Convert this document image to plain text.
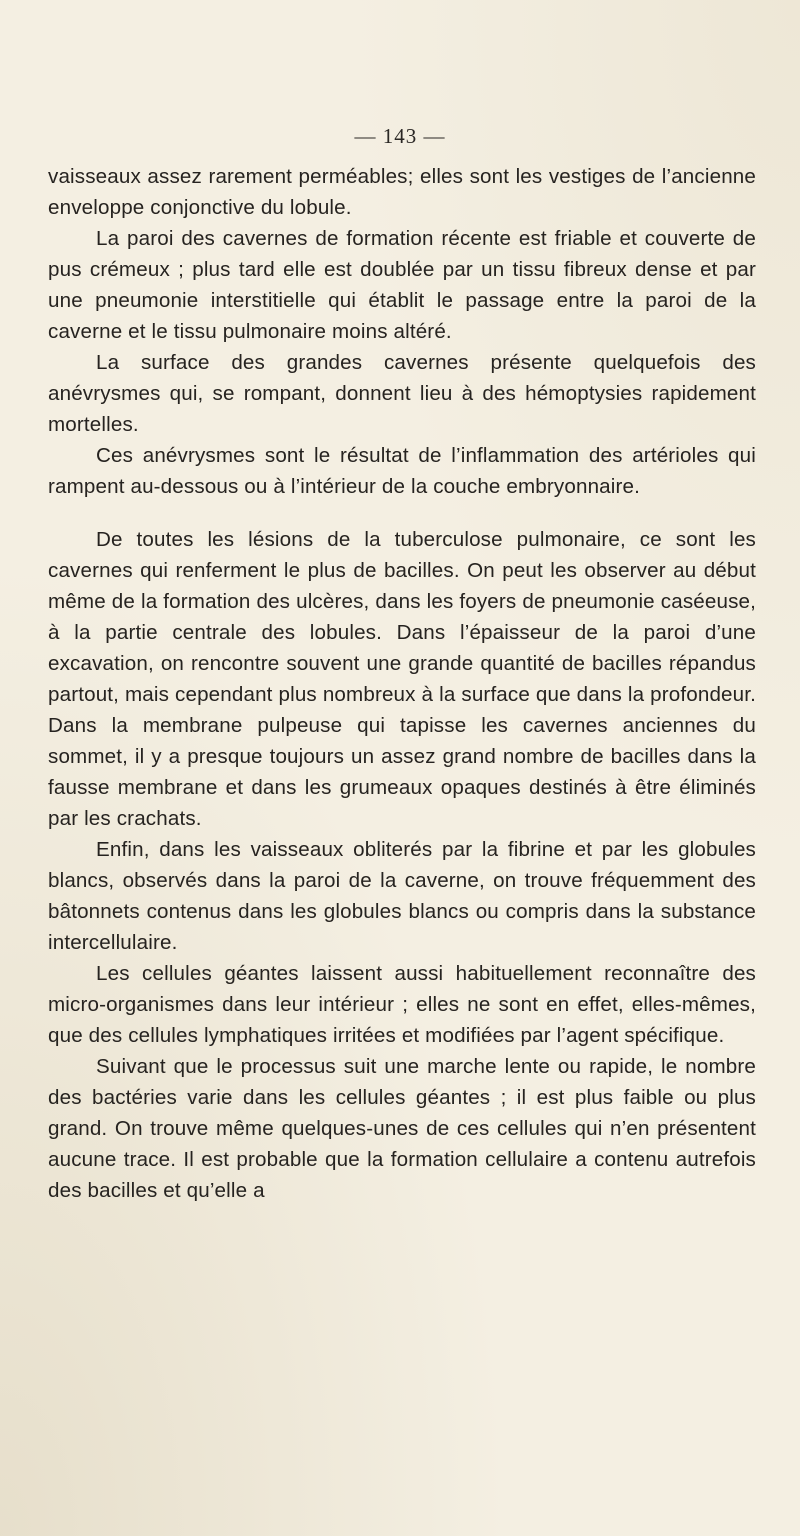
— 143 —

vaisseaux assez rarement perméables; elles sont les vestiges de l’ancienne enveloppe conjonctive du lobule.

La paroi des cavernes de formation récente est friable et couverte de pus crémeux ; plus tard elle est doublée par un tissu fibreux dense et par une pneumonie interstitielle qui établit le passage entre la paroi de la caverne et le tissu pulmonaire moins altéré.

La surface des grandes cavernes présente quelquefois des anévrysmes qui, se rompant, donnent lieu à des hémoptysies rapidement mortelles.

Ces anévrysmes sont le résultat de l’inflammation des artérioles qui rampent au-dessous ou à l’intérieur de la couche embryonnaire.

De toutes les lésions de la tuberculose pulmonaire, ce sont les cavernes qui renferment le plus de bacilles. On peut les observer au début même de la formation des ulcères, dans les foyers de pneumonie caséeuse, à la partie centrale des lobules. Dans l’épaisseur de la paroi d’une excavation, on rencontre souvent une grande quantité de bacilles répandus partout, mais cependant plus nombreux à la surface que dans la profondeur. Dans la membrane pulpeuse qui tapisse les cavernes anciennes du sommet, il y a presque toujours un assez grand nombre de bacilles dans la fausse membrane et dans les grumeaux opaques destinés à être éliminés par les crachats.

Enfin, dans les vaisseaux obliterés par la fibrine et par les globules blancs, observés dans la paroi de la caverne, on trouve fréquemment des bâtonnets contenus dans les globules blancs ou compris dans la substance intercellulaire.

Les cellules géantes laissent aussi habituellement reconnaître des micro-organismes dans leur intérieur ; elles ne sont en effet, elles-mêmes, que des cellules lymphatiques irritées et modifiées par l’agent spécifique.

Suivant que le processus suit une marche lente ou rapide, le nombre des bactéries varie dans les cellules géantes ; il est plus faible ou plus grand. On trouve même quelques-unes de ces cellules qui n’en présentent aucune trace. Il est probable que la formation cellulaire a contenu autrefois des bacilles et qu’elle a
